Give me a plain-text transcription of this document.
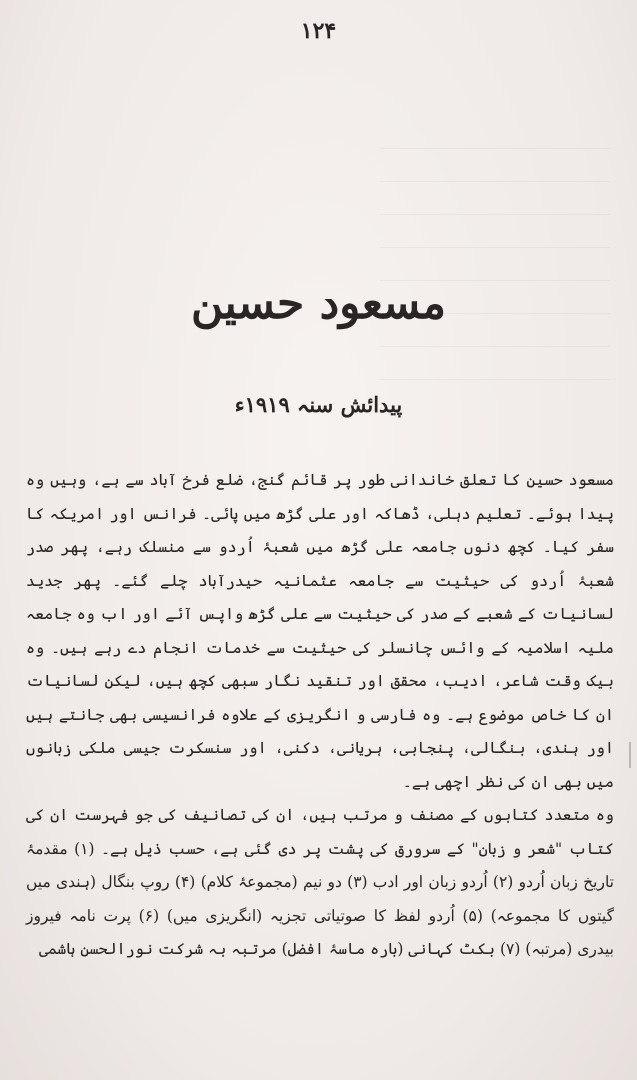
۱۲۴
مسعود حسین
پیدائش سنہ ۱۹۱۹ء

مسعود حسین کا تعلق خاندانی طور پر قائم گنج، ضلع فرخ آباد سے ہے، وہیں وہ پیدا ہوئے۔ تعلیم دہلی، ڈھاکہ اور علی گڑھ میں پائی۔ فرانس اور امریکہ کا سفر کیا۔ کچھ دنوں جامعہ علی گڑھ میں شعبۂ اُردو سے منسلک رہے، پھر صدر شعبۂ اُردو کی حیثیت سے جامعہ عثمانیہ حیدرآباد چلے گئے۔ پھر جدید لسانیات کے شعبے کے صدر کی حیثیت سے علی گڑھ واپس آئے اور اب وہ جامعہ ملیہ اسلامیہ کے وائس چانسلر کی حیثیت سے خدمات انجام دے رہے ہیں۔ وہ بیک وقت شاعر، ادیب، محقق اور تنقید نگار سبھی کچھ ہیں، لیکن لسانیات ان کا خاص موضوع ہے۔ وہ فارسی و انگریزی کے علاوہ فرانسیسی بھی جانتے ہیں اور ہندی، بنگالی، پنجابی، ہریانی، دکنی، اور سنسکرت جیسی ملکی زبانوں میں بھی ان کی نظر اچھی ہے۔

وہ متعدد کتابوں کے مصنف و مرتب ہیں، ان کی تصانیف کی جو فہرست ان کی کتاب "شعر و زبان" کے سرورق کی پشت پر دی گئی ہے، حسب ذیل ہے۔ (۱) مقدمۂ تاریخ زبان اُردو (۲) اُردو زبان اور ادب (۳) دو نیم (مجموعۂ کلام) (۴) روپ بنگال (ہندی میں گیتوں کا مجموعہ) (۵) اُردو لفظ کا صوتیاتی تجزیہ (انگریزی میں) (۶) پرت نامہ فیروز بیدری (مرتبہ) (۷) بکٹ کہانی (بارہ ماسۂ افضل) مرتبہ بہ شرکت نورالحسن ہاشمی
